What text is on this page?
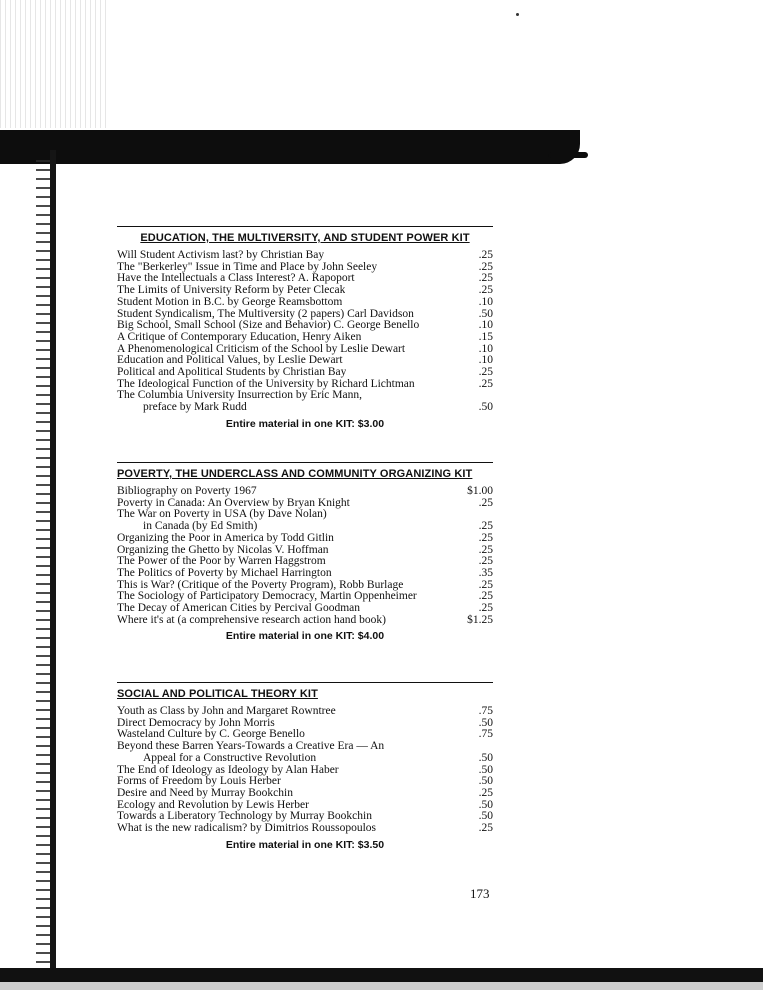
EDUCATION, THE MULTIVERSITY, AND STUDENT POWER KIT
Will Student Activism last? by Christian Bay	.25
The "Berkerley" Issue in Time and Place by John Seeley	.25
Have the Intellectuals a Class Interest? A. Rapoport	.25
The Limits of University Reform by Peter Clecak	.25
Student Motion in B.C. by George Reamsbottom	.10
Student Syndicalism, The Multiversity (2 papers) Carl Davidson	.50
Big School, Small School (Size and Behavior) C. George Benello	.10
A Critique of Contemporary Education, Henry Aiken	.15
A Phenomenological Criticism of the School by Leslie Dewart	.10
Education and Political Values, by Leslie Dewart	.10
Political and Apolitical Students by Christian Bay	.25
The Ideological Function of the University by Richard Lichtman	.25
The Columbia University Insurrection by Eric Mann,
preface by Mark Rudd	.50
Entire material in one KIT: $3.00
POVERTY, THE UNDERCLASS AND COMMUNITY ORGANIZING KIT
Bibliography on Poverty 1967	$1.00
Poverty in Canada: An Overview by Bryan Knight	.25
The War on Poverty in USA (by Dave Nolan)
in Canada (by Ed Smith)	.25
Organizing the Poor in America by Todd Gitlin	.25
Organizing the Ghetto by Nicolas V. Hoffman	.25
The Power of the Poor by Warren Haggstrom	.25
The Politics of Poverty by Michael Harrington	.35
This is War? (Critique of the Poverty Program), Robb Burlage	.25
The Sociology of Participatory Democracy, Martin Oppenheimer	.25
The Decay of American Cities by Percival Goodman	.25
Where it's at (a comprehensive research action hand book)	$1.25
Entire material in one KIT: $4.00
SOCIAL AND POLITICAL THEORY KIT
Youth as Class by John and Margaret Rowntree	.75
Direct Democracy by John Morris	.50
Wasteland Culture by C. George Benello	.75
Beyond these Barren Years-Towards a Creative Era — An
Appeal for a Constructive Revolution	.50
The End of Ideology as Ideology by Alan Haber	.50
Forms of Freedom by Louis Herber	.50
Desire and Need by Murray Bookchin	.25
Ecology and Revolution by Lewis Herber	.50
Towards a Liberatory Technology by Murray Bookchin	.50
What is the new radicalism? by Dimitrios Roussopoulos	.25
Entire material in one KIT: $3.50
173
